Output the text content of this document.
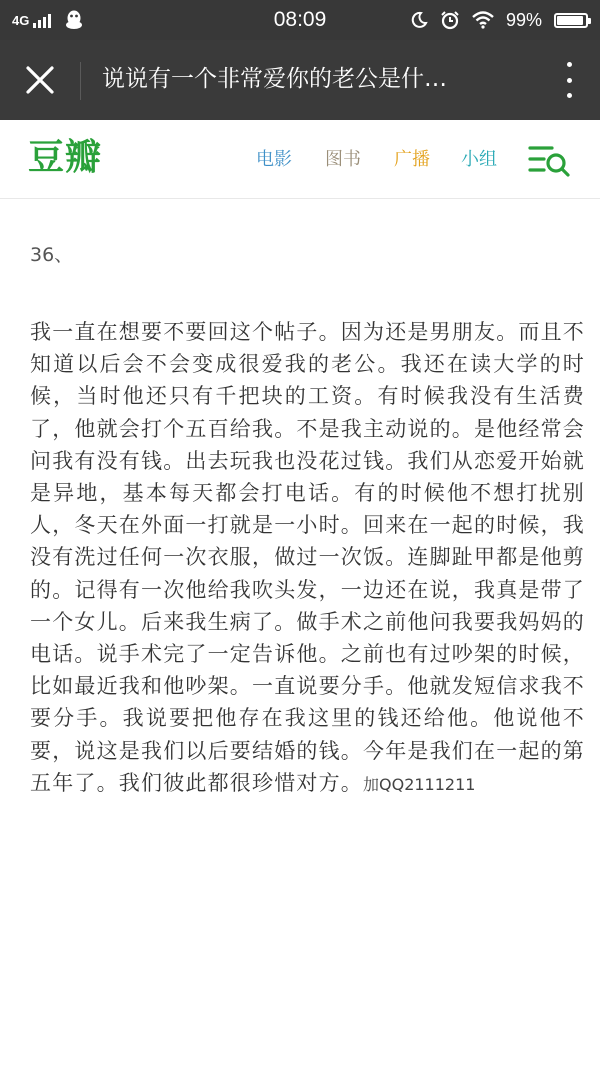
4G	08:09	99%
说说有一个非常爱你的老公是什…
豆瓣	电影 图书 广播 小组
36、
我一直在想要不要回这个帖子。因为还是男朋友。而且不知道以后会不会变成很爱我的老公。我还在读大学的时候，当时他还只有千把块的工资。有时候我没有生活费了，他就会打个五百给我。不是我主动说的。是他经常会问我有没有钱。出去玩我也没花过钱。我们从恋爱开始就是异地，基本每天都会打电话。有的时候他不想打扰别人，冬天在外面一打就是一小时。回来在一起的时候，我没有洗过任何一次衣服，做过一次饭。连脚趾甲都是他剪的。记得有一次他给我吹头发，一边还在说，我真是带了一个女儿。后来我生病了。做手术之前他问我要我妈妈的电话。说手术完了一定告诉他。之前也有过吵架的时候，比如最近我和他吵架。一直说要分手。他就发短信求我不要分手。我说要把他存在我这里的钱还给他。他说他不要，说这是我们以后要结婚的钱。今年是我们在一起的第五年了。我们彼此都很珍惜对方。加QQ2111211
